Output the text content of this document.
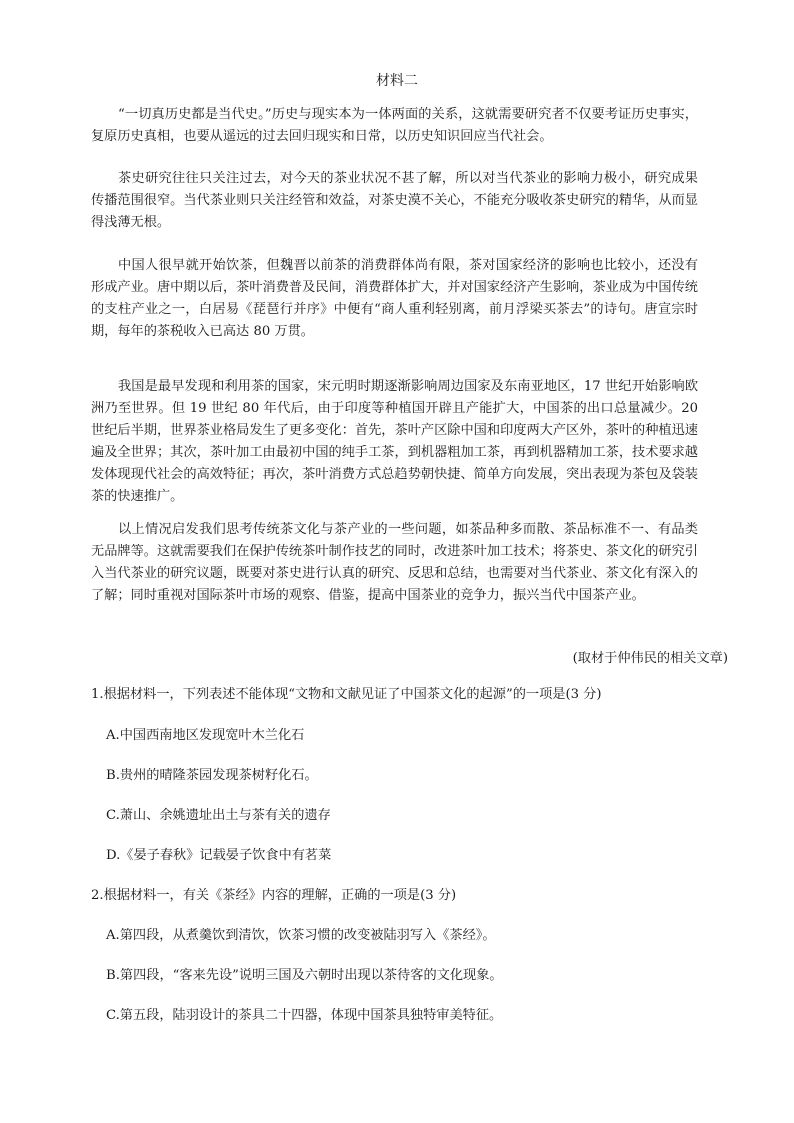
材料二

“一切真历史都是当代史。”历史与现实本为一体两面的关系，这就需要研究者不仅要考证历史事实，复原历史真相，也要从遥远的过去回归现实和日常，以历史知识回应当代社会。

茶史研究往往只关注过去，对今天的茶业状况不甚了解，所以对当代茶业的影响力极小，研究成果传播范围很窄。当代茶业则只关注经管和效益，对茶史漠不关心，不能充分吸收茶史研究的精华，从而显得浅薄无根。

中国人很早就开始饮茶，但魏晋以前茶的消费群体尚有限，茶对国家经济的影响也比较小，还没有形成产业。唐中期以后，茶叶消费普及民间，消费群体扩大，并对国家经济产生影响，茶业成为中国传统的支柱产业之一，白居易《琵琶行并序》中便有“商人重利轻别离，前月浮梁买茶去”的诗句。唐宣宗时期，每年的茶税收入已高达 80 万贯。

我国是最早发现和利用茶的国家，宋元明时期逐渐影响周边国家及东南亚地区，17 世纪开始影响欧洲乃至世界。但 19 世纪 80 年代后，由于印度等种植国开辟且产能扩大，中国茶的出口总量减少。20 世纪后半期，世界茶业格局发生了更多变化：首先，茶叶产区除中国和印度两大产区外，茶叶的种植迅速遍及全世界；其次，茶叶加工由最初中国的纯手工茶，到机器粗加工茶，再到机器精加工茶，技术要求越发体现现代社会的高效特征；再次，茶叶消费方式总趋势朝快捷、简单方向发展，突出表现为茶包及袋装茶的快速推广。

以上情况启发我们思考传统茶文化与茶产业的一些问题，如茶品种多而散、茶品标准不一、有品类无品牌等。这就需要我们在保护传统茶叶制作技艺的同时，改进茶叶加工技术；将茶史、茶文化的研究引入当代茶业的研究议题，既要对茶史进行认真的研究、反思和总结，也需要对当代茶业、茶文化有深入的了解；同时重视对国际茶叶市场的观察、借鉴，提高中国茶业的竞争力，振兴当代中国茶产业。

(取材于仲伟民的相关文章)
1.根据材料一，下列表述不能体现“文物和文献见证了中国茶文化的起源”的一项是(3 分)
A.中国西南地区发现宽叶木兰化石
B.贵州的晴隆茶园发现茶树籽化石。
C.萧山、余姚遗址出土与茶有关的遗存
D.《晏子春秋》记载晏子饮食中有茗菜
2.根据材料一，有关《茶经》内容的理解，正确的一项是(3 分)
A.第四段，从煮羹饮到清饮，饮茶习惯的改变被陆羽写入《茶经》。
B.第四段，“客来先设”说明三国及六朝时出现以茶待客的文化现象。
C.第五段，陆羽设计的茶具二十四器，体现中国茶具独特审美特征。
